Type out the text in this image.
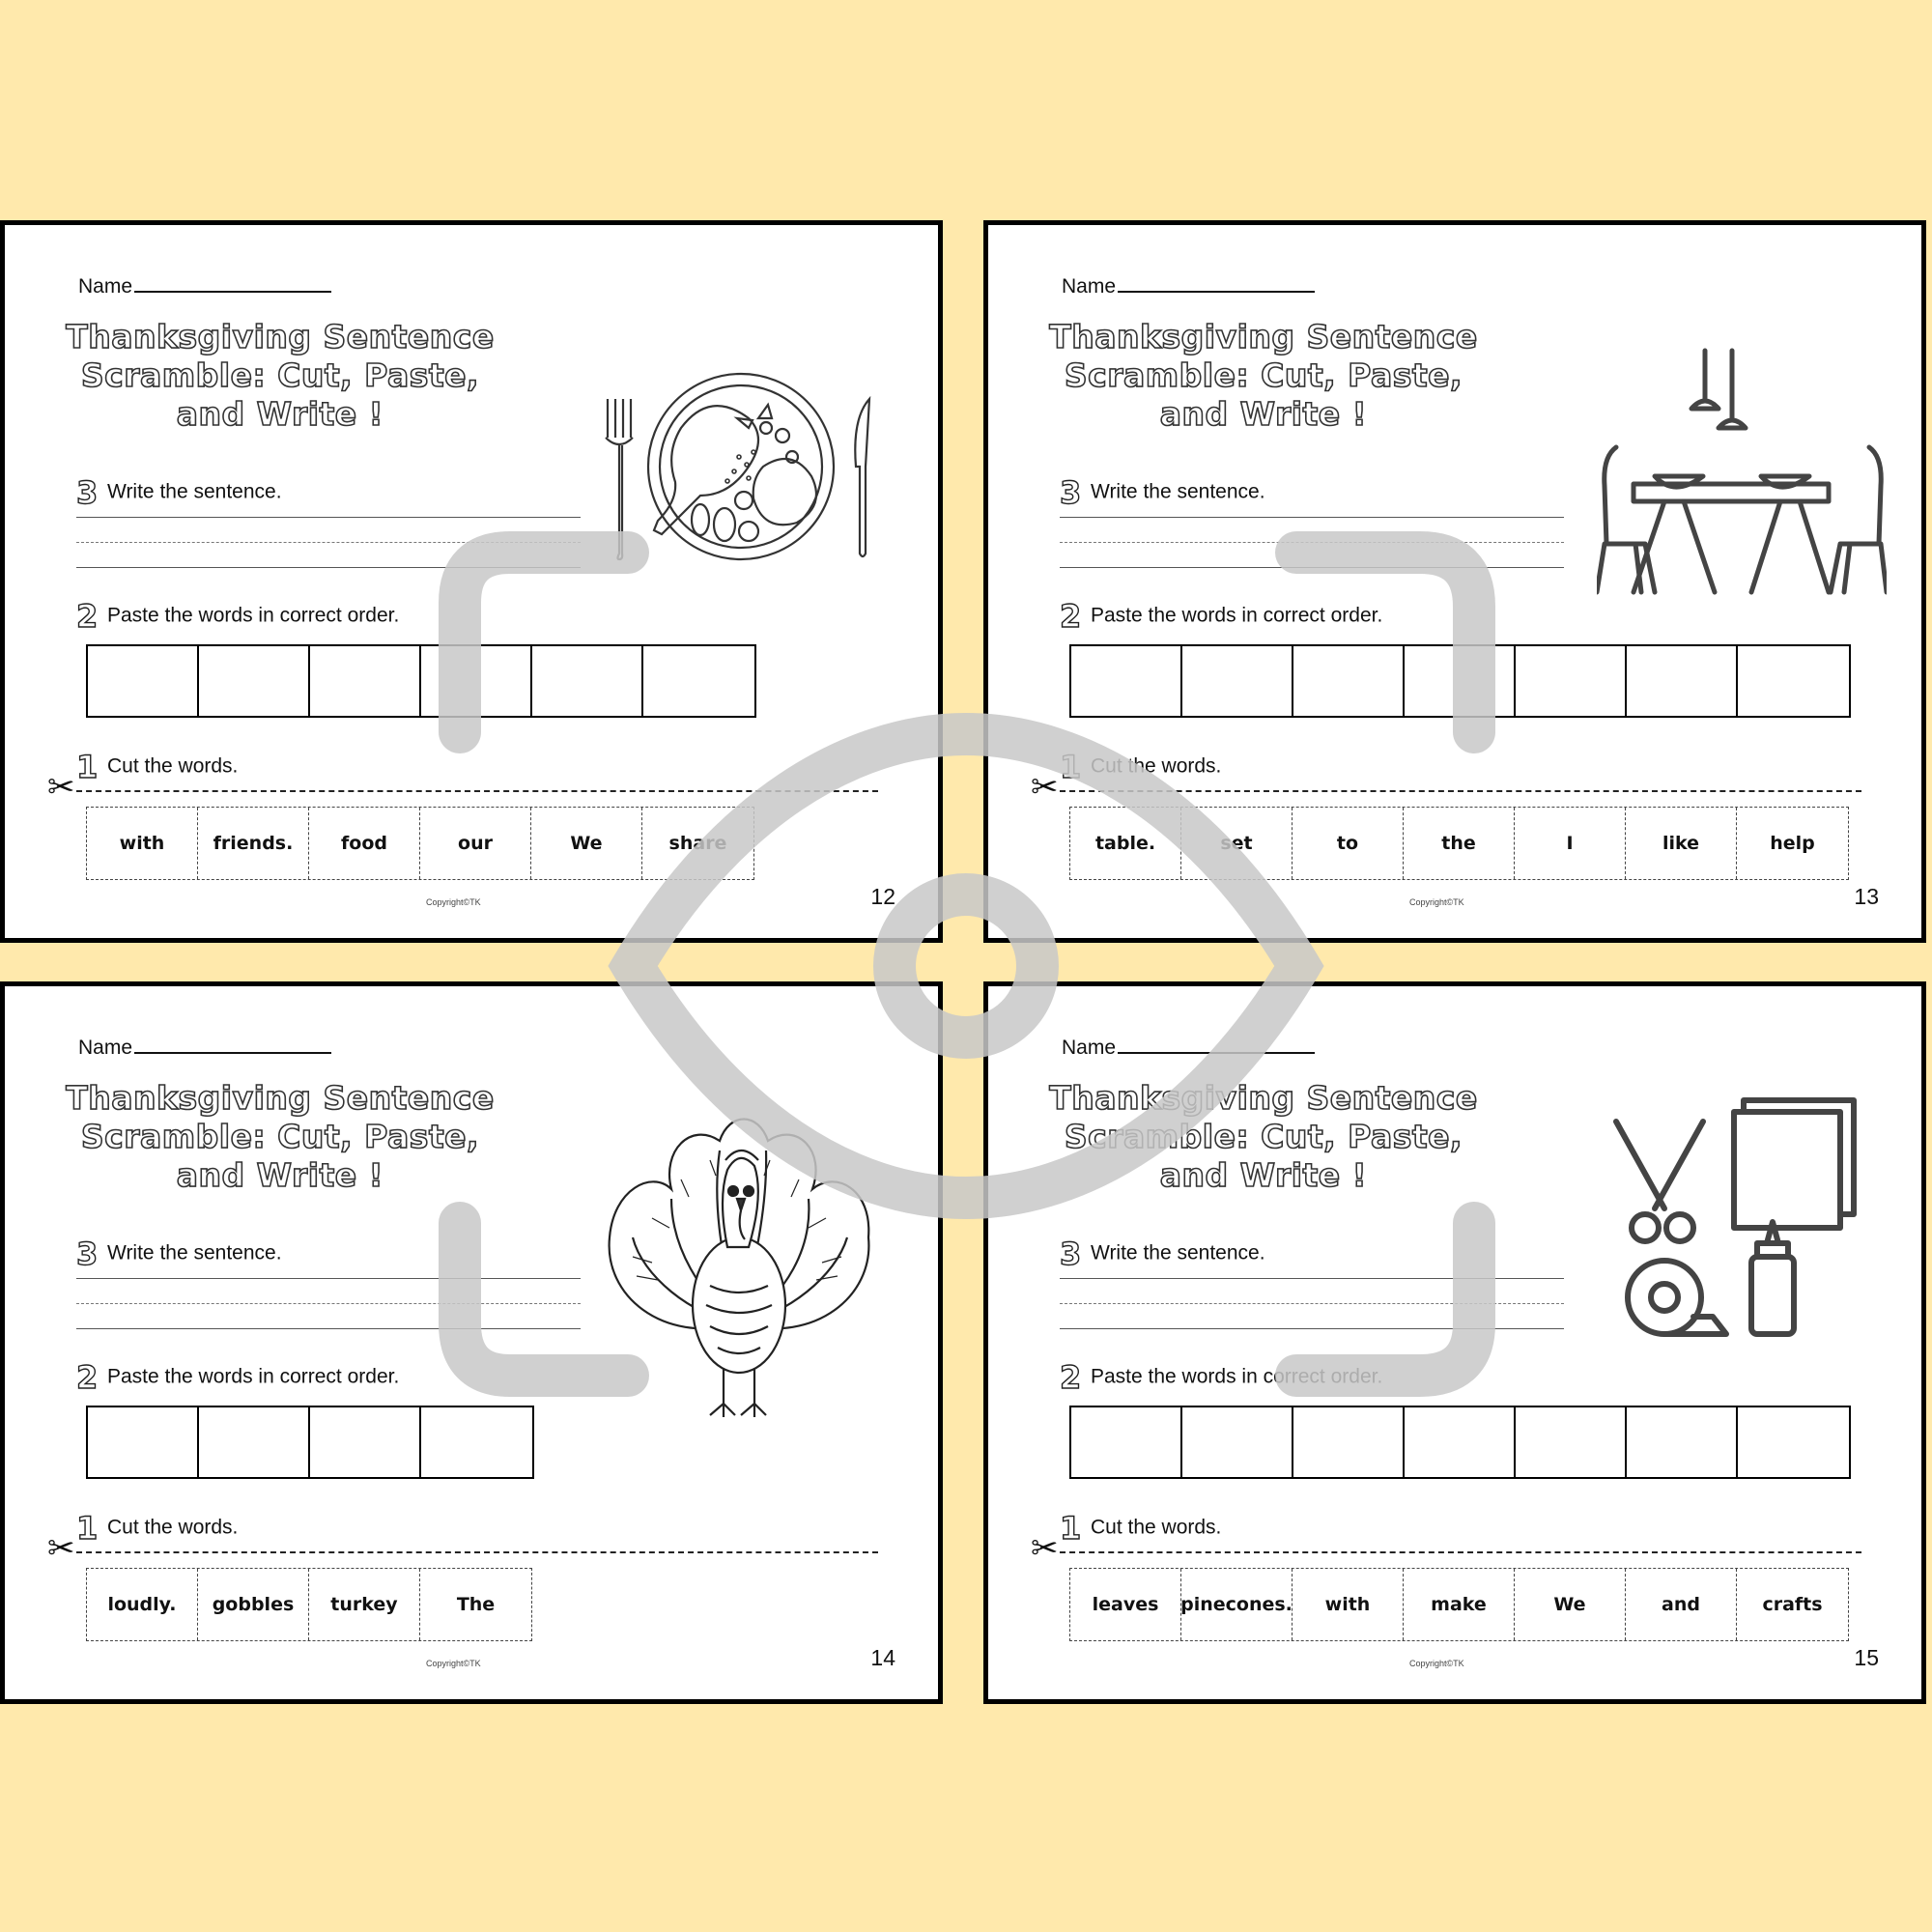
Name
Thanksgiving Sentence
Scramble: Cut, Paste,
and Write !
3 Write the sentence.
2 Paste the words in correct order.
1 Cut the words.
✂
with	friends.	food	our	We	share
Copyright©TK	12
Name
Thanksgiving Sentence
Scramble: Cut, Paste,
and Write !
3 Write the sentence.
2 Paste the words in correct order.
1 Cut the words.
✂
table.	set	to	the	I	like	help
Copyright©TK	13
Name
Thanksgiving Sentence
Scramble: Cut, Paste,
and Write !
3 Write the sentence.
2 Paste the words in correct order.
1 Cut the words.
✂
loudly.	gobbles	turkey	The
Copyright©TK	14
Name
Thanksgiving Sentence
Scramble: Cut, Paste,
and Write !
3 Write the sentence.
2 Paste the words in correct order.
1 Cut the words.
✂
leaves	pinecones.	with	make	We	and	crafts
Copyright©TK	15
